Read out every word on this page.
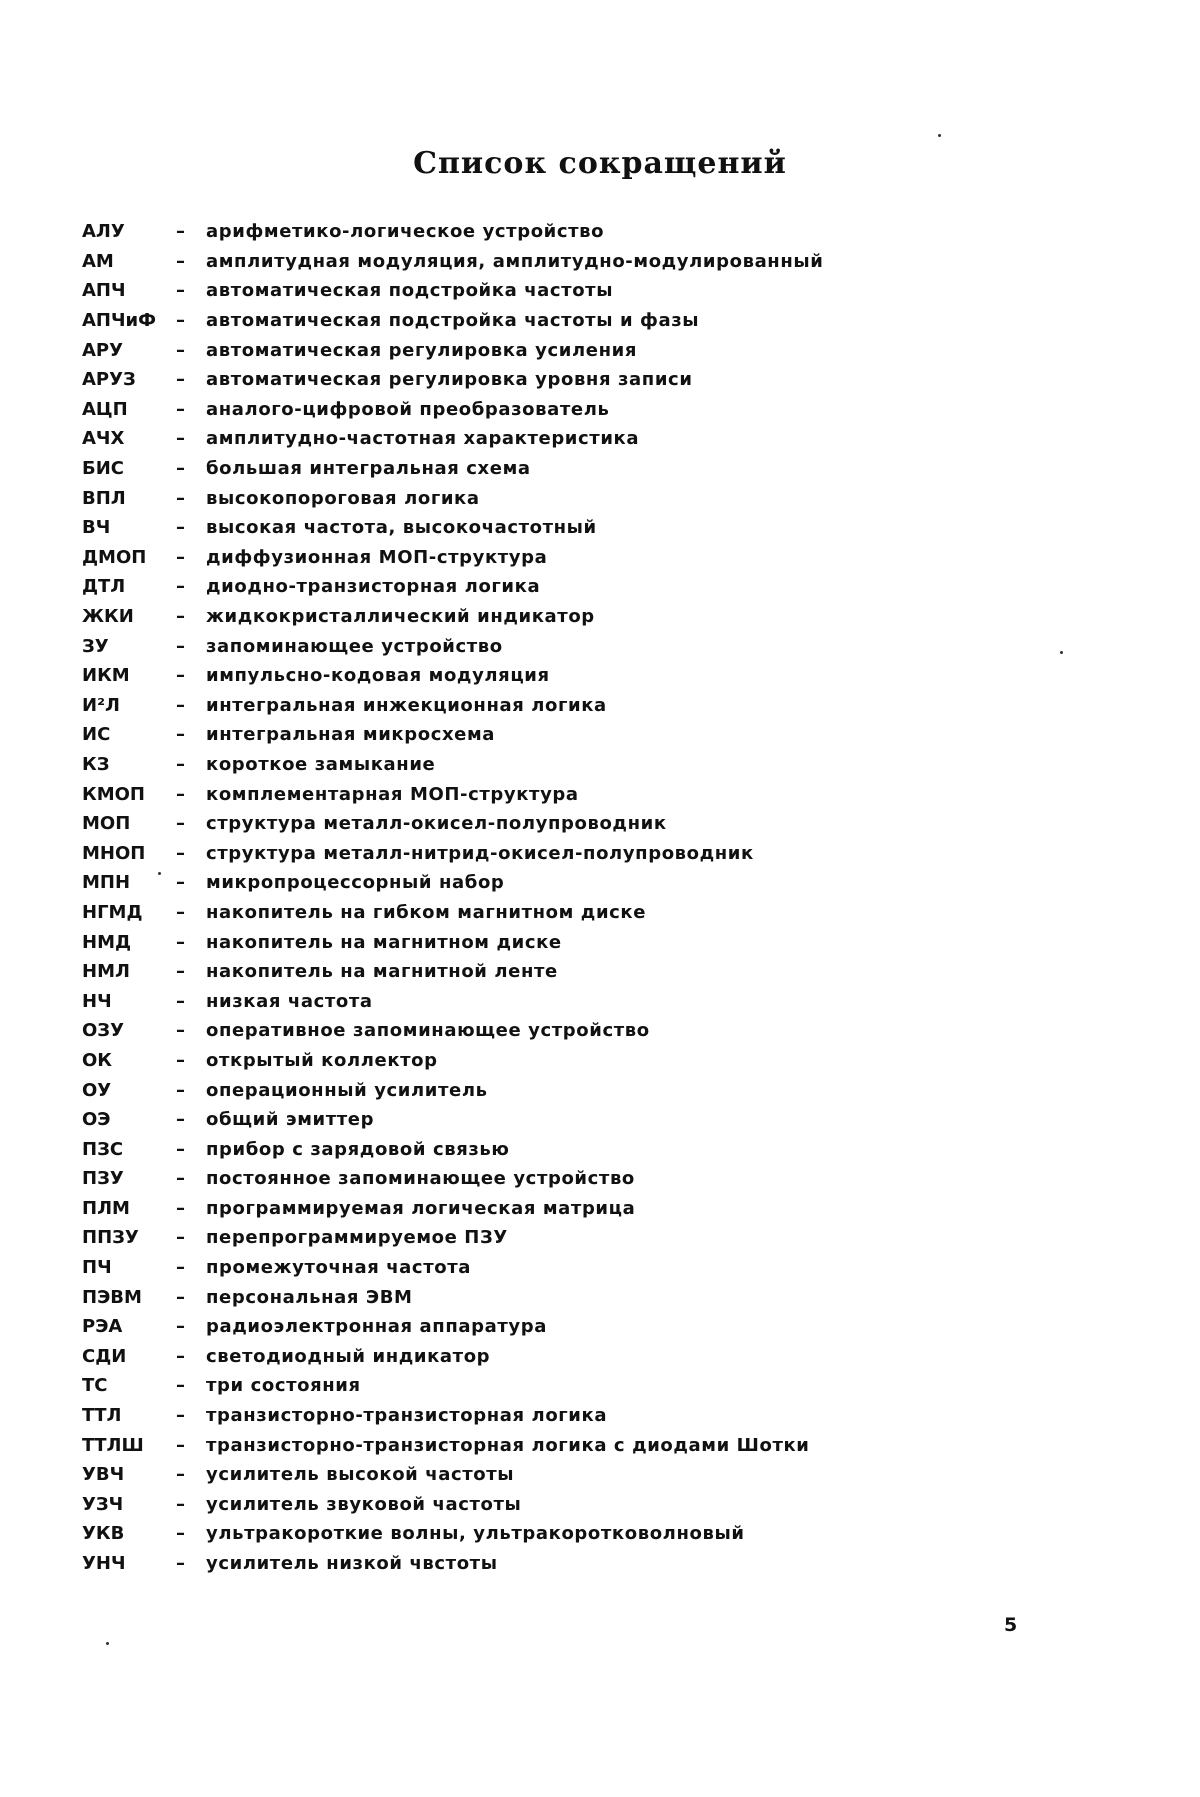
Список сокращений
АЛУ	–	арифметико-логическое устройство
АМ	–	амплитудная модуляция, амплитудно-модулированный
АПЧ	–	автоматическая подстройка частоты
АПЧиФ	–	автоматическая подстройка частоты и фазы
АРУ	–	автоматическая регулировка усиления
АРУЗ	–	автоматическая регулировка уровня записи
АЦП	–	аналого-цифровой преобразователь
АЧХ	–	амплитудно-частотная характеристика
БИС	–	большая интегральная схема
ВПЛ	–	высокопороговая логика
ВЧ	–	высокая частота, высокочастотный
ДМОП	–	диффузионная МОП-структура
ДТЛ	–	диодно-транзисторная логика
ЖКИ	–	жидкокристаллический индикатор
ЗУ	–	запоминающее устройство
ИКМ	–	импульсно-кодовая модуляция
И²Л	–	интегральная инжекционная логика
ИС	–	интегральная микросхема
КЗ	–	короткое замыкание
КМОП	–	комплементарная МОП-структура
МОП	–	структура металл-окисел-полупроводник
МНОП	–	структура металл-нитрид-окисел-полупроводник
МПН	–	микропроцессорный набор
НГМД	–	накопитель на гибком магнитном диске
НМД	–	накопитель на магнитном диске
НМЛ	–	накопитель на магнитной ленте
НЧ	–	низкая частота
ОЗУ	–	оперативное запоминающее устройство
ОК	–	открытый коллектор
ОУ	–	операционный усилитель
ОЭ	–	общий эмиттер
ПЗС	–	прибор с зарядовой связью
ПЗУ	–	постоянное запоминающее устройство
ПЛМ	–	программируемая логическая матрица
ППЗУ	–	перепрограммируемое ПЗУ
ПЧ	–	промежуточная частота
ПЭВМ	–	персональная ЭВМ
РЭА	–	радиоэлектронная аппаратура
СДИ	–	светодиодный индикатор
ТС	–	три состояния
ТТЛ	–	транзисторно-транзисторная логика
ТТЛШ	–	транзисторно-транзисторная логика с диодами Шотки
УВЧ	–	усилитель высокой частоты
УЗЧ	–	усилитель звуковой частоты
УКВ	–	ультракороткие волны, ультракоротковолновый
УНЧ	–	усилитель низкой чвстоты
5
